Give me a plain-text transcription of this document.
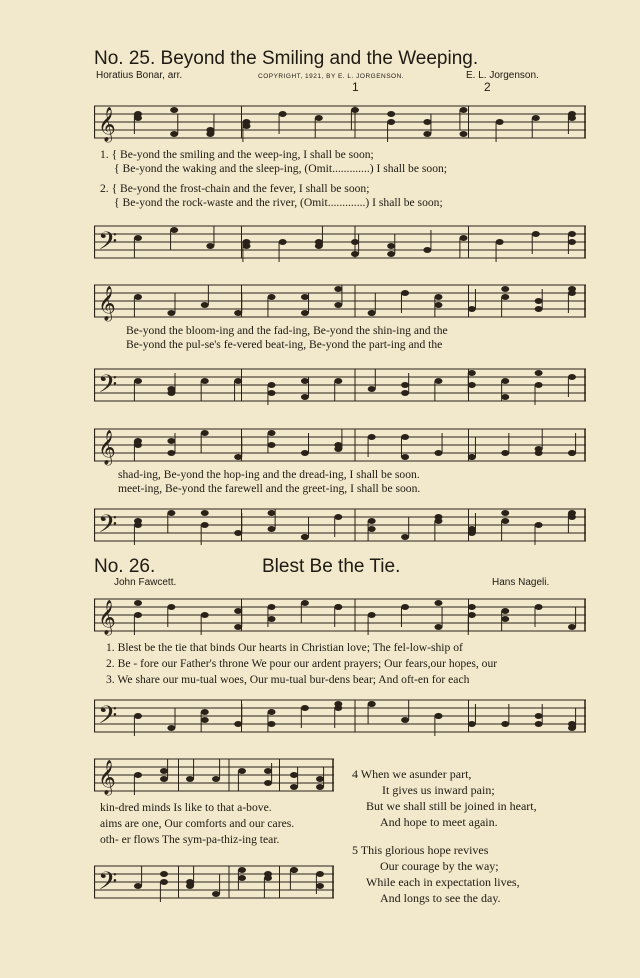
No. 25. Beyond the Smiling and the Weeping.
Horatius Bonar, arr.	COPYRIGHT, 1921, BY E. L. JORGENSON.	E. L. Jorgenson.
1	2
𝄞
1. { Be-yond the smiling and the weep-ing, I shall be soon;
{ Be-yond the waking and the sleep-ing, (Omit.............) I shall be soon;
2. { Be-yond the frost-chain and the fever, I shall be soon;
{ Be-yond the rock-waste and the river, (Omit.............) I shall be soon;
𝄢
𝄞
Be-yond the bloom-ing and the fad-ing, Be-yond the shin-ing and the
Be-yond the pul-se's fe-vered beat-ing, Be-yond the part-ing and the
𝄢
𝄞
shad-ing, Be-yond the hop-ing and the dread-ing, I shall be soon.
meet-ing, Be-yond the farewell and the greet-ing, I shall be soon.
𝄢
No. 26.	Blest Be the Tie.
John Fawcett.	Hans Nageli.
𝄞
1. Blest be the tie that binds Our hearts in Christian love; The fel-low-ship of
2. Be - fore our Father's throne We pour our ardent prayers; Our fears,our hopes, our
3. We share our mu-tual woes, Our mu-tual bur-dens bear; And oft-en for each
𝄢
𝄞
kin-dred minds Is like to that a-bove.
aims are one, Our comforts and our cares.
oth- er flows The sym-pa-thiz-ing tear.
𝄢
4 When we asunder part,
It gives us inward pain;
But we shall still be joined in heart,
And hope to meet again.
5 This glorious hope revives
Our courage by the way;
While each in expectation lives,
And longs to see the day.
